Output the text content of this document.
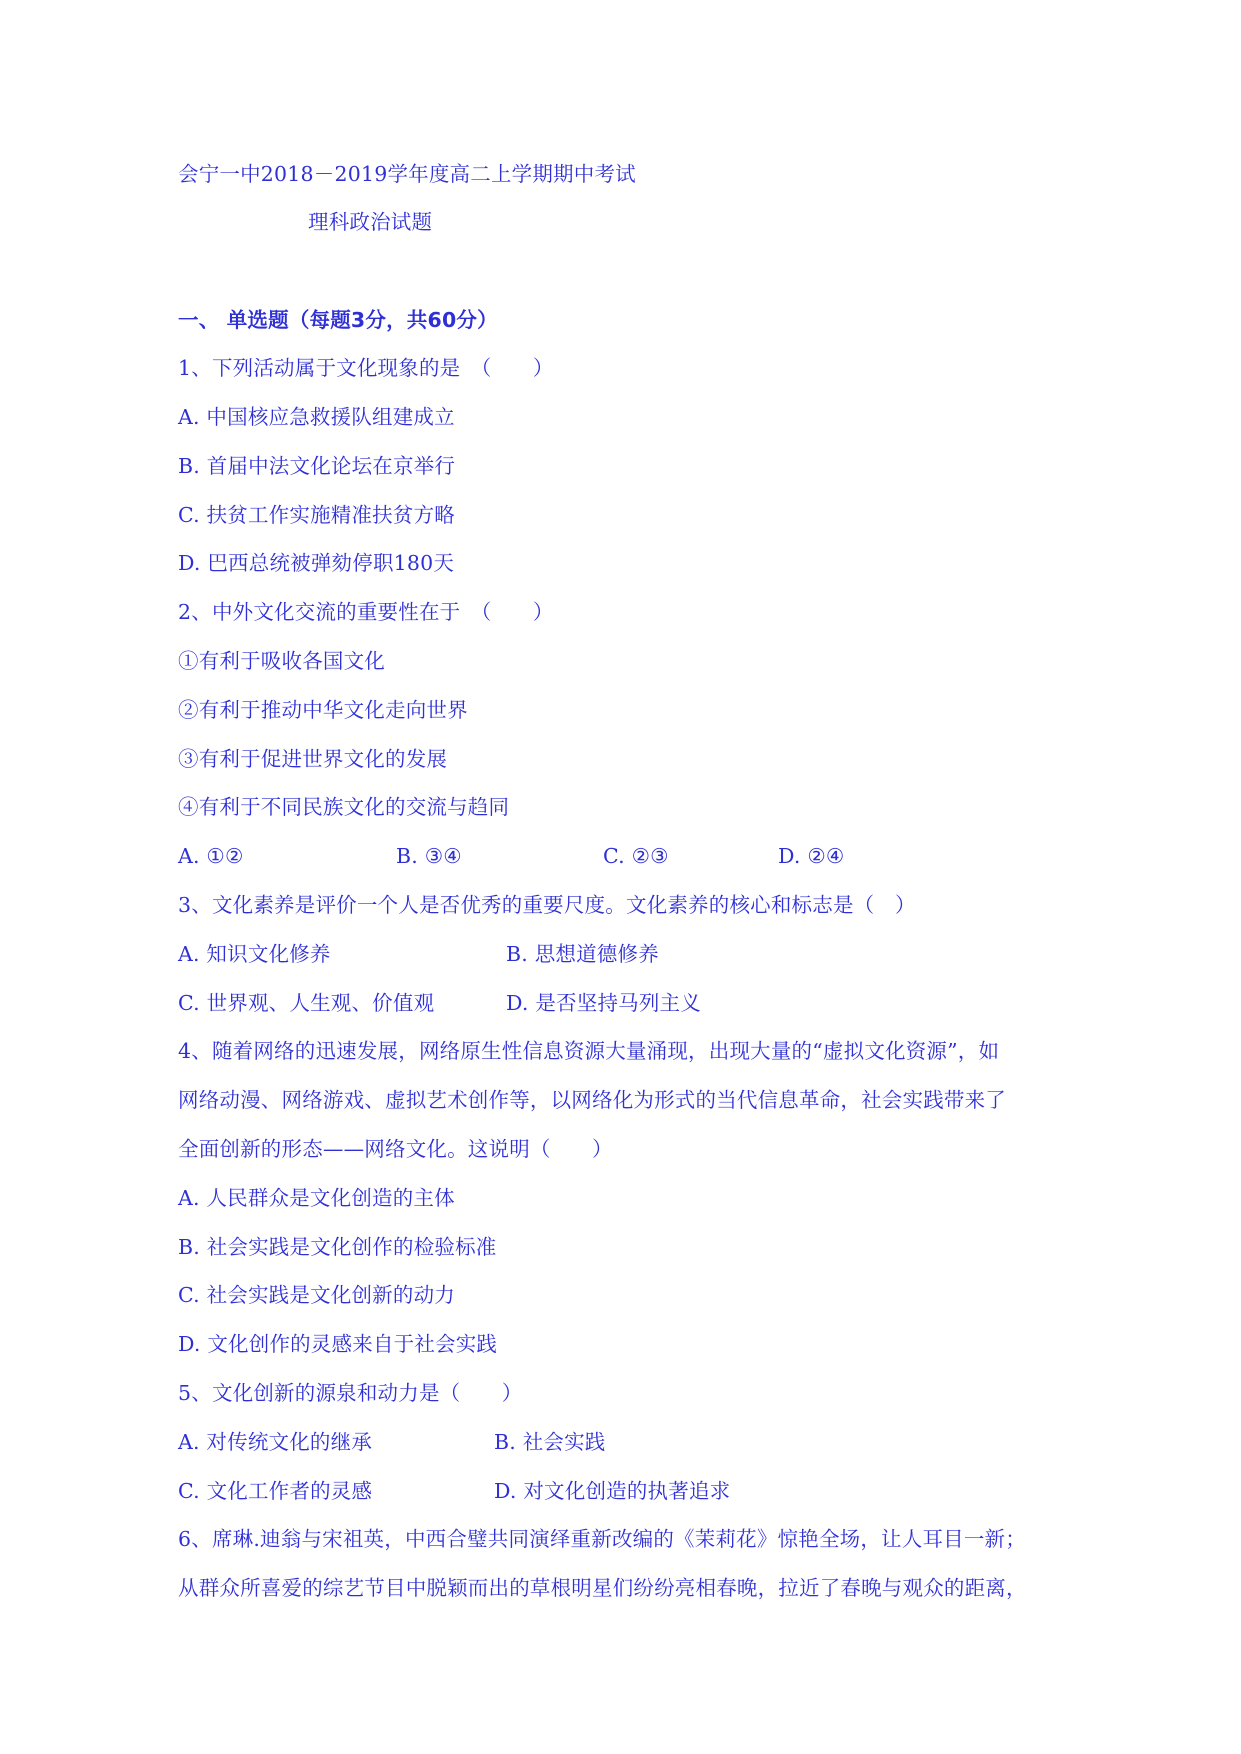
会宁一中2018－2019学年度高二上学期期中考试
理科政治试题
一、 单选题（每题3分，共60分）
1、下列活动属于文化现象的是　（　　）
A. 中国核应急救援队组建成立
B. 首届中法文化论坛在京举行
C. 扶贫工作实施精准扶贫方略
D. 巴西总统被弹劾停职180天
2、中外文化交流的重要性在于　（　　）
①有利于吸收各国文化
②有利于推动中华文化走向世界
③有利于促进世界文化的发展
④有利于不同民族文化的交流与趋同
A. ①②	B. ③④	C. ②③	D. ②④
3、文化素养是评价一个人是否优秀的重要尺度。文化素养的核心和标志是（　）
A. 知识文化修养	B. 思想道德修养
C. 世界观、人生观、价值观	D. 是否坚持马列主义
4、随着网络的迅速发展，网络原生性信息资源大量涌现，出现大量的“虚拟文化资源”，如
网络动漫、网络游戏、虚拟艺术创作等，以网络化为形式的当代信息革命，社会实践带来了
全面创新的形态——网络文化。这说明（　　）
A. 人民群众是文化创造的主体
B. 社会实践是文化创作的检验标准
C. 社会实践是文化创新的动力
D. 文化创作的灵感来自于社会实践
5、文化创新的源泉和动力是（　　）
A. 对传统文化的继承	B. 社会实践
C. 文化工作者的灵感	D. 对文化创造的执著追求
6、席琳.迪翁与宋祖英，中西合璧共同演绎重新改编的《茉莉花》惊艳全场，让人耳目一新；
从群众所喜爱的综艺节目中脱颖而出的草根明星们纷纷亮相春晚，拉近了春晚与观众的距离，
